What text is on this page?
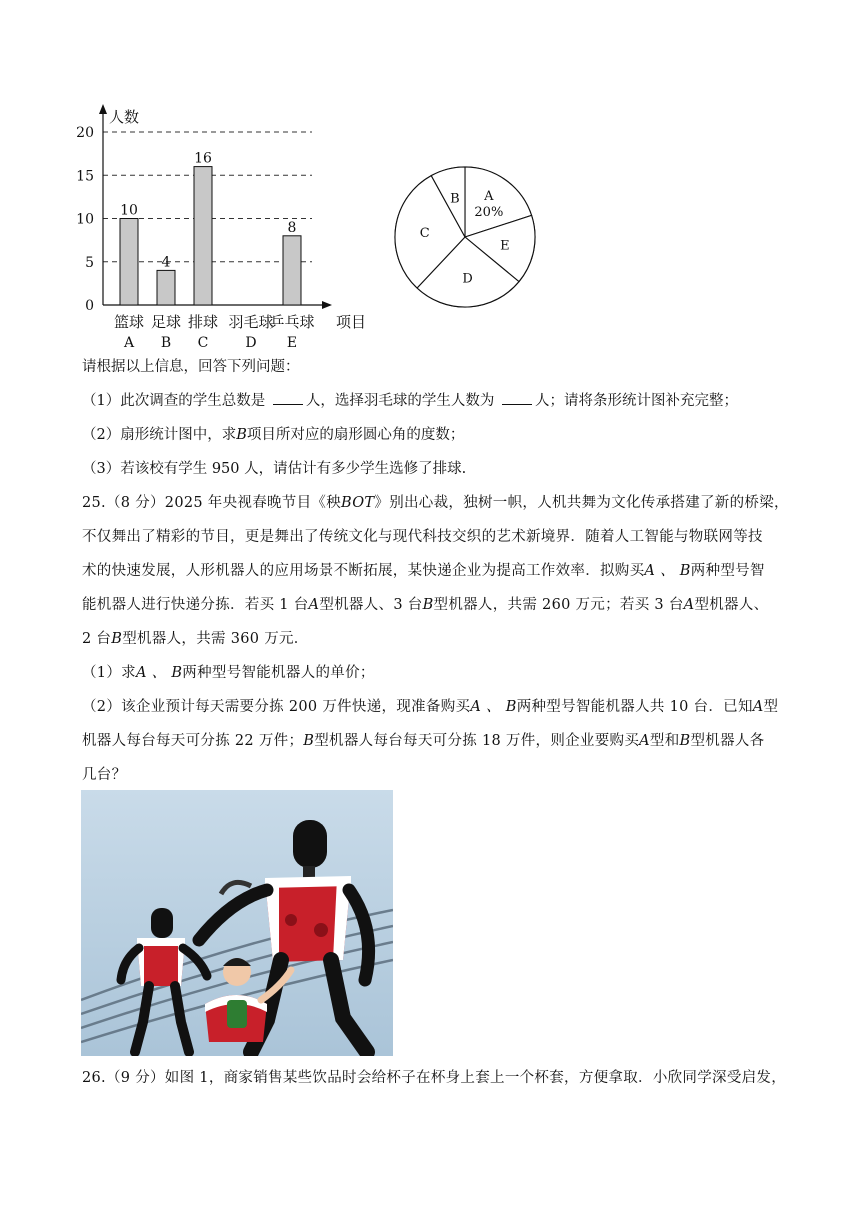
0
5
10
15
20
人数
项目
10
篮球
A
4
足球
B
16
排球
C
羽毛球
D
8
乒乓球
E
A
20%
E
D
C
B
请根据以上信息，回答下列问题：
（1）此次调查的学生总数是	人，选择羽毛球的学生人数为	人；请将条形统计图补充完整；
（2）扇形统计图中，求B项目所对应的扇形圆心角的度数；
（3）若该校有学生 950 人，请估计有多少学生选修了排球.
25.（8 分）2025 年央视春晚节目《秧BOT》别出心裁，独树一帜，人机共舞为文化传承搭建了新的桥梁，
不仅舞出了精彩的节目，更是舞出了传统文化与现代科技交织的艺术新境界．随着人工智能与物联网等技
术的快速发展，人形机器人的应用场景不断拓展，某快递企业为提高工作效率．拟购买A 、 B两种型号智
能机器人进行快递分拣．若买 1 台A型机器人、3 台B型机器人，共需 260 万元；若买 3 台A型机器人、
2 台B型机器人，共需 360 万元．
（1）求A 、 B两种型号智能机器人的单价；
（2）该企业预计每天需要分拣 200 万件快递，现准备购买A 、 B两种型号智能机器人共 10 台．已知A型
机器人每台每天可分拣 22 万件；B型机器人每台每天可分拣 18 万件，则企业要购买A型和B型机器人各
几台？
26.（9 分）如图 1，商家销售某些饮品时会给杯子在杯身上套上一个杯套，方便拿取．小欣同学深受启发，
